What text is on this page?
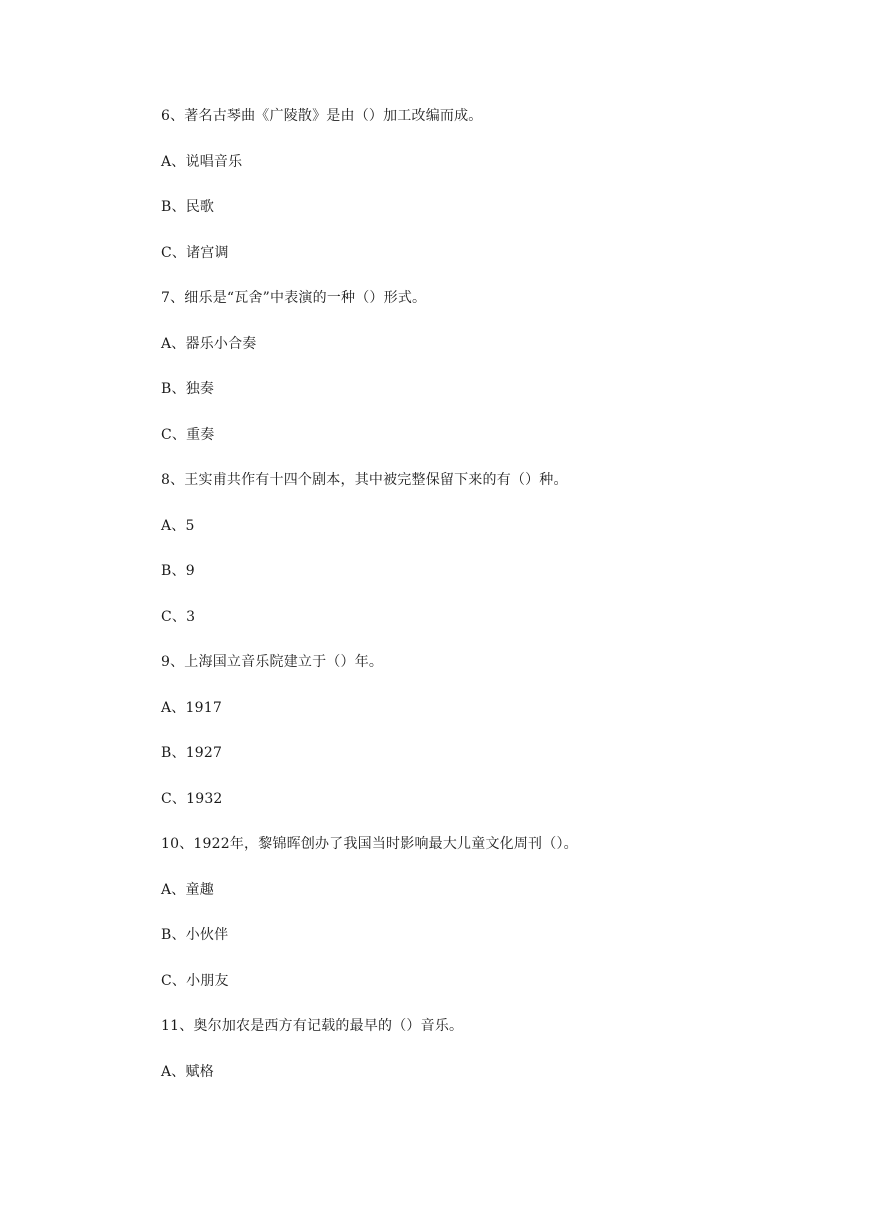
6、著名古琴曲《广陵散》是由（）加工改编而成。
A、说唱音乐
B、民歌
C、诸宫调
7、细乐是“瓦舍”中表演的一种（）形式。
A、器乐小合奏
B、独奏
C、重奏
8、王实甫共作有十四个剧本，其中被完整保留下来的有（）种。
A、5
B、9
C、3
9、上海国立音乐院建立于（）年。
A、1917
B、1927
C、1932
10、1922年，黎锦晖创办了我国当时影响最大儿童文化周刊（）。
A、童趣
B、小伙伴
C、小朋友
11、奥尔加农是西方有记载的最早的（）音乐。
A、赋格
